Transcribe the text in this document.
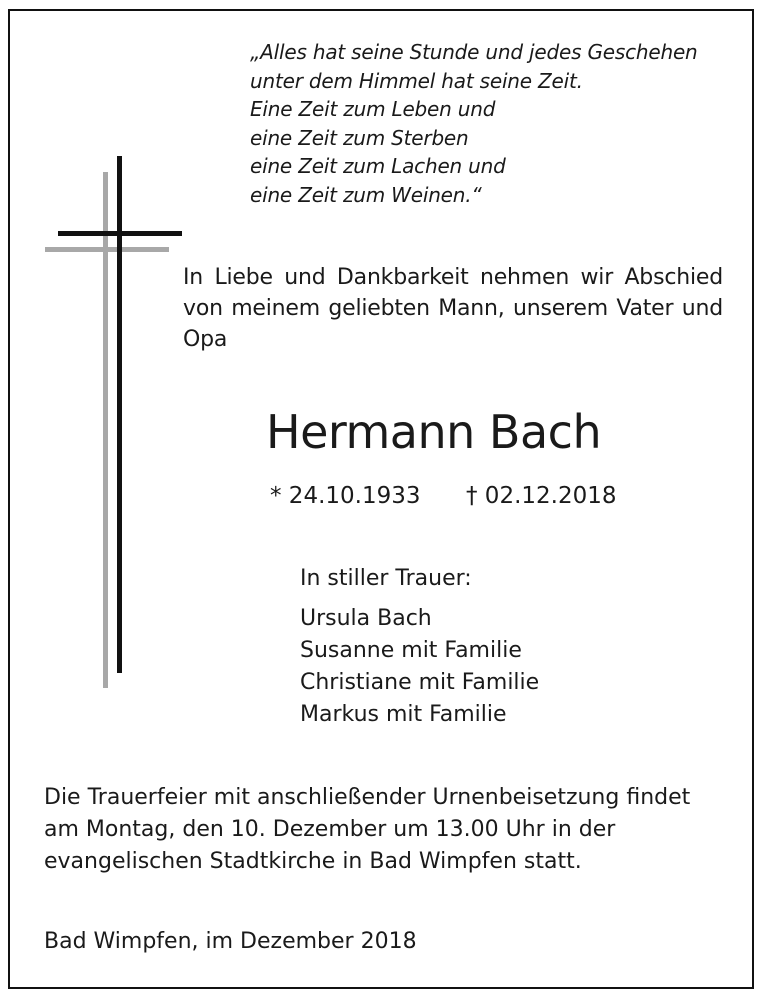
„Alles hat seine Stunde und jedes Geschehen
unter dem Himmel hat seine Zeit.
Eine Zeit zum Leben und
eine Zeit zum Sterben
eine Zeit zum Lachen und
eine Zeit zum Weinen.“
In Liebe und Dankbarkeit nehmen wir Abschied von meinem geliebten Mann, unserem Vater und Opa
Hermann Bach
* 24.10.1933 † 02.12.2018
In stiller Trauer:
Ursula Bach
Susanne mit Familie
Christiane mit Familie
Markus mit Familie
Die Trauerfeier mit anschließender Urnenbeisetzung findet
am Montag, den 10. Dezember um 13.00 Uhr in der
evangelischen Stadtkirche in Bad Wimpfen statt.
Bad Wimpfen, im Dezember 2018
